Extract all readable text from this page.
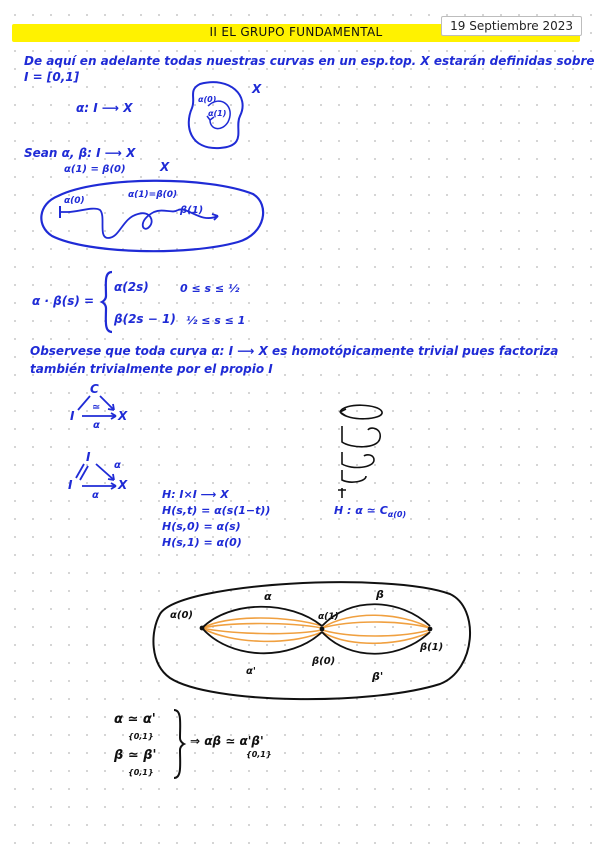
II EL GRUPO FUNDAMENTAL	19 Septiembre 2023
De aquí en adelante todas nuestras curvas en un esp.top. X estarán definidas sobre
I = [0,1]
α: I ⟶ X
α(0)
α(1)
X
Sean α, β: I ⟶ X
α(1) = β(0)	X
α(0)
α(1)=β(0)
β(1)
α · β(s) =
α(2s)	0 ≤ s ≤ ½
β(2s − 1) ½ ≤ s ≤ 1
Observese que toda curva α: I ⟶ X es homotópicamente trivial pues factoriza
también trivialmente por el propio I
C
≃
I	X
α
I
α
I	X
α	H: I×I ⟶ X
H(s,t) = α(s(1−t))
H(s,0) = α(s)
H(s,1) = α(0)
H : α ≃ $C_{\alpha(0)}$
α(0)
α
α'
α(1)
β
β(0)
β'
β(1)
α ≃ α'
{0,1}
β ≃ β'
{0,1}
⇒ αβ ≃ α'β'
{0,1}
